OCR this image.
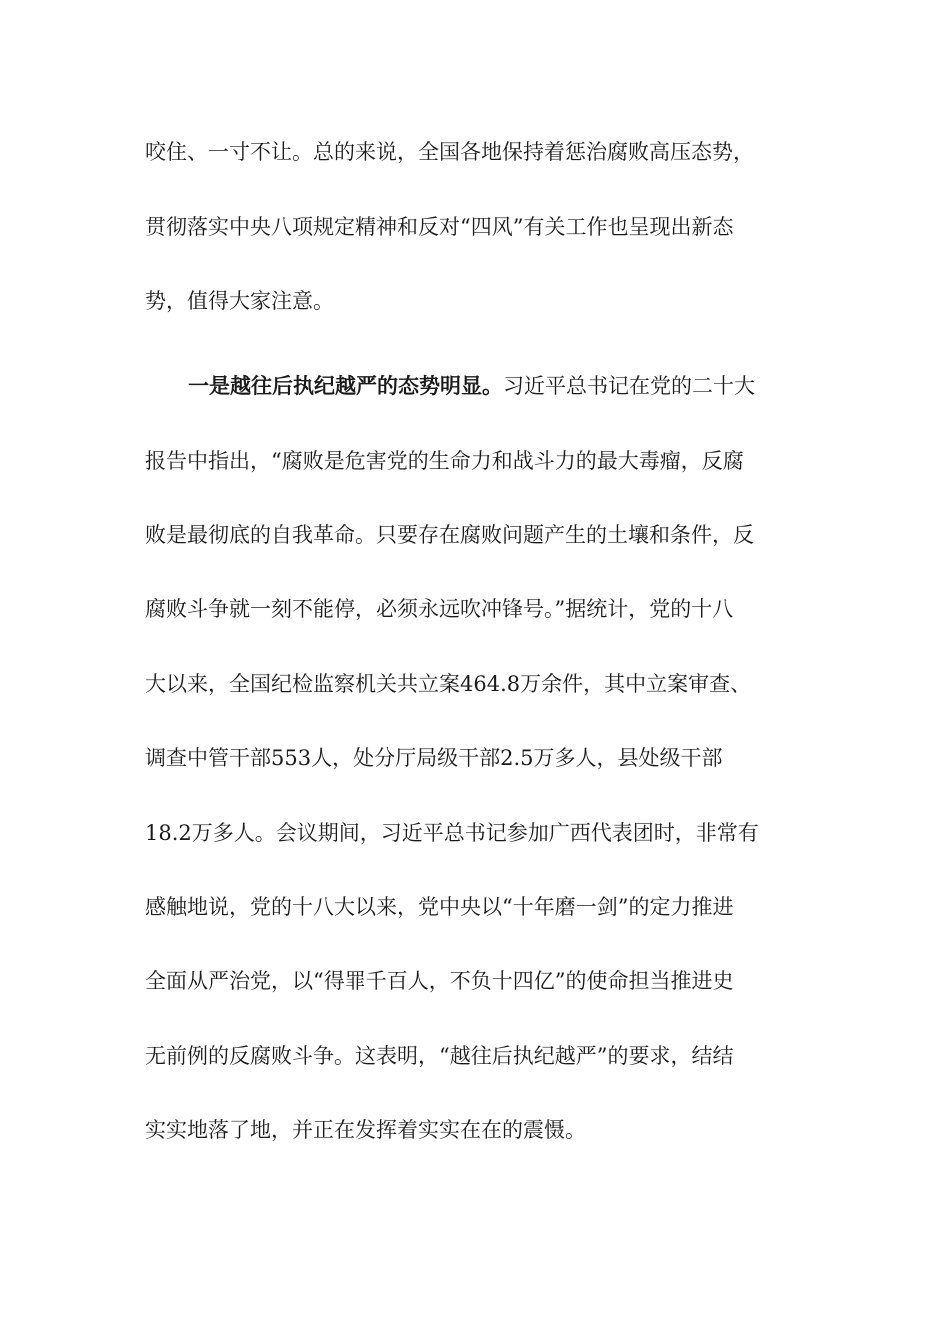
咬住、一寸不让。总的来说，全国各地保持着惩治腐败高压态势，
贯彻落实中央八项规定精神和反对“四风”有关工作也呈现出新态
势，值得大家注意。
一是越往后执纪越严的态势明显。习近平总书记在党的二十大
报告中指出，“腐败是危害党的生命力和战斗力的最大毒瘤，反腐
败是最彻底的自我革命。只要存在腐败问题产生的土壤和条件，反
腐败斗争就一刻不能停，必须永远吹冲锋号。”据统计，党的十八
大以来，全国纪检监察机关共立案464.8万余件，其中立案审查、
调查中管干部553人，处分厅局级干部2.5万多人，县处级干部
18.2万多人。会议期间，习近平总书记参加广西代表团时，非常有
感触地说，党的十八大以来，党中央以“十年磨一剑”的定力推进
全面从严治党，以“得罪千百人，不负十四亿”的使命担当推进史
无前例的反腐败斗争。这表明，“越往后执纪越严”的要求，结结
实实地落了地，并正在发挥着实实在在的震慑。
